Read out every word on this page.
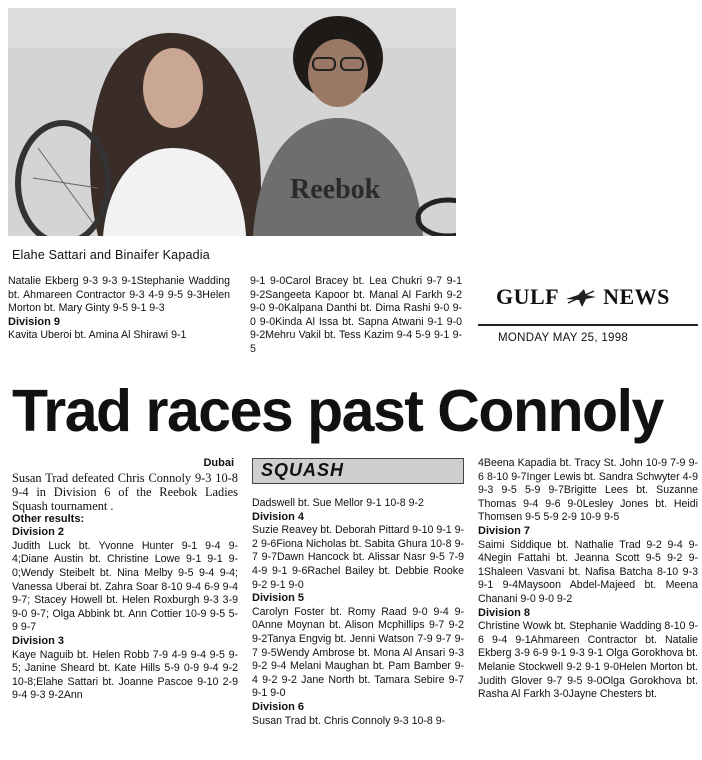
Reebok
Elahe Sattari and Binaifer Kapadia

Natalie Ekberg 9-3 9-3 9-1Stephanie Wadding bt. Ahmareen Contractor 9-3 4-9 9-5 9-3Helen Morton bt. Mary Ginty 9-5 9-1 9-3

Division 9

Kavita Uberoi bt. Amina Al Shirawi 9-1

9-1 9-0Carol Bracey bt. Lea Chukri 9-7 9-1 9-2Sangeeta Kapoor bt. Manal Al Farkh 9-2 9-0 9-0Kalpana Danthi bt. Dima Rashi 9-0 9-0 9-0Kinda Al Issa bt. Sapna Atwani 9-1 9-0 9-2Mehru Vakil bt. Tess Kazim 9-4 5-9 9-1 9-5

GULF NEWS
MONDAY MAY 25, 1998
Trad races past Connoly
Dubai

Susan Trad defeated Chris Connoly 9-3 10-8 9-4 in Division 6 of the Reebok Ladies Squash tournament .

Other results:

Division 2

Judith Luck bt. Yvonne Hunter 9-1 9-4 9-4;Diane Austin bt. Christine Lowe 9-1 9-1 9-0;Wendy Steibelt bt. Nina Melby 9-5 9-4 9-4; Vanessa Uberai bt. Zahra Soar 8-10 9-4 6-9 9-4 9-7; Stacey Howell bt. Helen Roxburgh 9-3 3-9 9-0 9-7; Olga Abbink bt. Ann Cottier 10-9 9-5 5-9 9-7

Division 3

Kaye Naguib bt. Helen Robb 7-9 4-9 9-4 9-5 9-5; Janine Sheard bt. Kate Hills 5-9 0-9 9-4 9-2 10-8;Elahe Sattari bt. Joanne Pascoe 9-10 2-9 9-4 9-3 9-2Ann

SQUASH

Dadswell bt. Sue Mellor 9-1 10-8 9-2

Division 4

Suzie Reavey bt. Deborah Pittard 9-10 9-1 9-2 9-6Fiona Nicholas bt. Sabita Ghura 10-8 9-7 9-7Dawn Hancock bt. Alissar Nasr 9-5 7-9 4-9 9-1 9-6Rachel Bailey bt. Debbie Rooke 9-2 9-1 9-0

Division 5

Carolyn Foster bt. Romy Raad 9-0 9-4 9-0Anne Moynan bt. Alison Mcphillips 9-7 9-2 9-2Tanya Engvig bt. Jenni Watson 7-9 9-7 9-7 9-5Wendy Ambrose bt. Mona Al Ansari 9-3 9-2 9-4 Melani Maughan bt. Pam Bamber 9-4 9-2 9-2 Jane North bt. Tamara Sebire 9-7 9-1 9-0

Division 6

Susan Trad bt. Chris Connoly 9-3 10-8 9-

4Beena Kapadia bt. Tracy St. John 10-9 7-9 9-6 8-10 9-7Inger Lewis bt. Sandra Schwyter 4-9 9-3 9-5 5-9 9-7Brigitte Lees bt. Suzanne Thomas 9-4 9-6 9-0Lesley Jones bt. Heidi Thomsen 9-5 5-9 2-9 10-9 9-5

Division 7

Saimi Siddique bt. Nathalie Trad 9-2 9-4 9-4Negin Fattahi bt. Jeanna Scott 9-5 9-2 9-1Shaleen Vasvani bt. Nafisa Batcha 8-10 9-3 9-1 9-4Maysoon Abdel-Majeed bt. Meena Chanani 9-0 9-0 9-2

Division 8

Christine Wowk bt. Stephanie Wadding 8-10 9-6 9-4 9-1Ahmareen Contractor bt. Natalie Ekberg 3-9 6-9 9-1 9-3 9-1 Olga Gorokhova bt. Melanie Stockwell 9-2 9-1 9-0Helen Morton bt. Judith Glover 9-7 9-5 9-0Olga Gorokhova bt. Rasha Al Farkh 3-0Jayne Chesters bt.
